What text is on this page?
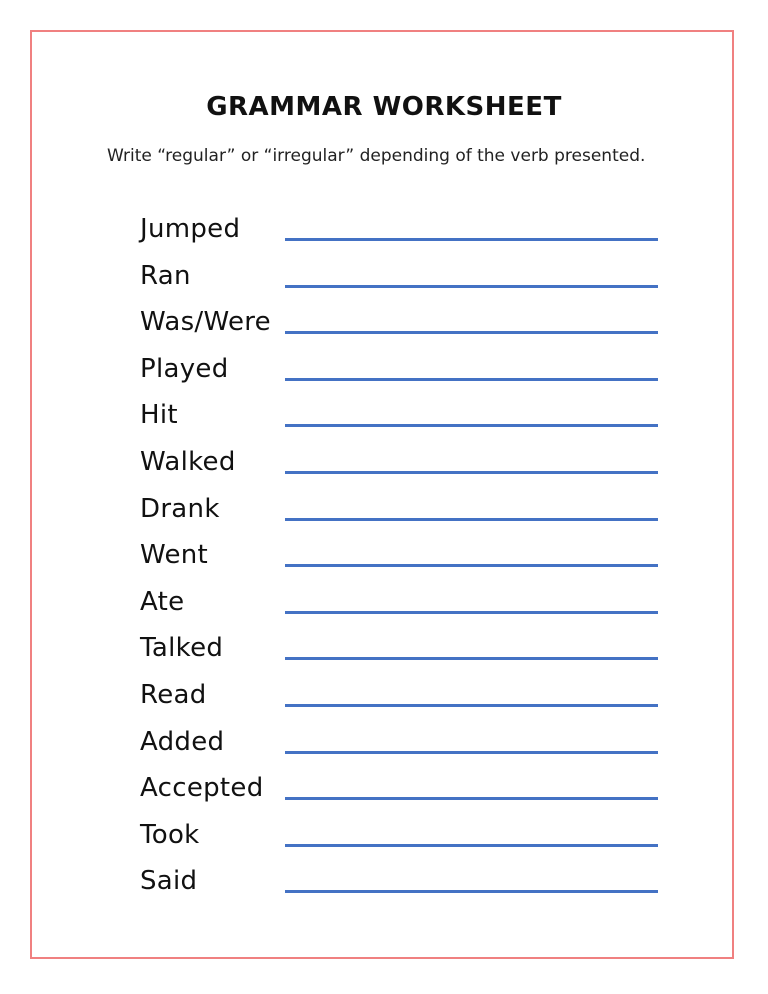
GRAMMAR WORKSHEET
Write “regular” or “irregular” depending of the verb presented.
Jumped
Ran
Was/Were
Played
Hit
Walked
Drank
Went
Ate
Talked
Read
Added
Accepted
Took
Said
